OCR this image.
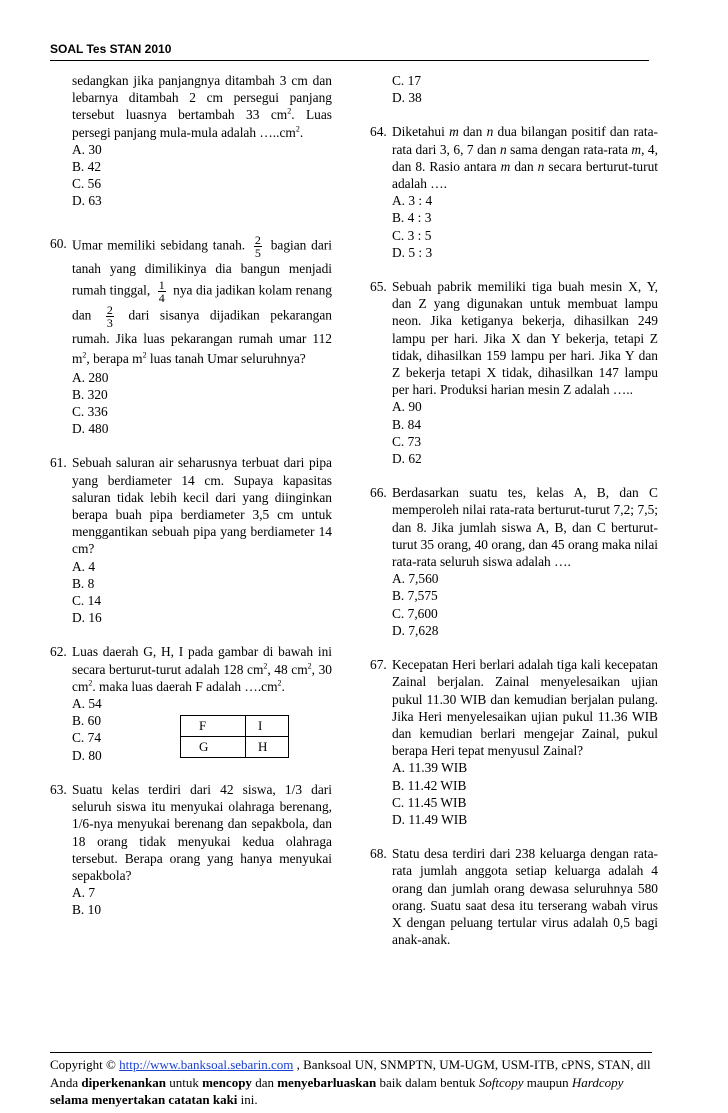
SOAL Tes STAN 2010
sedangkan jika panjangnya ditambah 3 cm dan lebarnya ditambah 2 cm persegui panjang tersebut luasnya bertambah 33 $cm^2$. Luas persegi panjang mula-mula adalah $\dots..cm^2$.
A. 30
B. 42
C. 56
D. 63
60. Umar memiliki sebidang tanah. $\frac{2}{5}$ bagian dari tanah yang dimilikinya dia bangun menjadi rumah tinggal, $\frac{1}{4}$ nya dia jadikan kolam renang dan $\frac{2}{3}$ dari sisanya dijadikan pekarangan rumah. Jika luas pekarangan rumah umar 112 $m^2$, berapa $m^2$ luas tanah Umar seluruhnya?
A. 280
B. 320
C. 336
D. 480
61. Sebuah saluran air seharusnya terbuat dari pipa yang berdiameter 14 cm. Supaya kapasitas saluran tidak lebih kecil dari yang diinginkan berapa buah pipa berdiameter 3,5 cm untuk menggantikan sebuah pipa yang berdiameter 14 cm?
A. 4
B. 8
C. 14
D. 16
62. Luas daerah G, H, I pada gambar di bawah ini secara berturut-turut adalah 128 $cm^2$, 48 $cm^2$, 30 $cm^2$. maka luas daerah F adalah $\dots.cm^2$.
A. 54
B. 60
C. 74
D. 80
F	I
G	H
63. Suatu kelas terdiri dari 42 siswa, 1/3 dari seluruh siswa itu menyukai olahraga berenang, 1/6-nya menyukai berenang dan sepakbola, dan 18 orang tidak menyukai kedua olahraga tersebut. Berapa orang yang hanya menyukai sepakbola?
A. 7
B. 10
C. 17
D. 38
64. Diketahui m dan n dua bilangan positif dan rata-rata dari 3, 6, 7 dan n sama dengan rata-rata m, 4, dan 8. Rasio antara m dan n secara berturut-turut adalah ….
A. 3 : 4
B. 4 : 3
C. 3 : 5
D. 5 : 3
65. Sebuah pabrik memiliki tiga buah mesin X, Y, dan Z yang digunakan untuk membuat lampu neon. Jika ketiganya bekerja, dihasilkan 249 lampu per hari. Jika X dan Y bekerja, tetapi Z tidak, dihasilkan 159 lampu per hari. Jika Y dan Z bekerja tetapi X tidak, dihasilkan 147 lampu per hari. Produksi harian mesin Z adalah …..
A. 90
B. 84
C. 73
D. 62
66. Berdasarkan suatu tes, kelas A, B, dan C memperoleh nilai rata-rata berturut-turut 7,2; 7,5; dan 8. Jika jumlah siswa A, B, dan C berturut-turut 35 orang, 40 orang, dan 45 orang maka nilai rata-rata seluruh siswa adalah ….
A. 7,560
B. 7,575
C. 7,600
D. 7,628
67. Kecepatan Heri berlari adalah tiga kali kecepatan Zainal berjalan. Zainal menyelesaikan ujian pukul 11.30 WIB dan kemudian berjalan pulang. Jika Heri menyelesaikan ujian pukul 11.36 WIB dan kemudian berlari mengejar Zainal, pukul berapa Heri tepat menyusul Zainal?
A. 11.39 WIB
B. 11.42 WIB
C. 11.45 WIB
D. 11.49 WIB
68. Statu desa terdiri dari 238 keluarga dengan rata-rata jumlah anggota setiap keluarga adalah 4 orang dan jumlah orang dewasa seluruhnya 580 orang. Suatu saat desa itu terserang wabah virus X dengan peluang tertular virus adalah 0,5 bagi anak-anak.
Copyright © http://www.banksoal.sebarin.com , Banksoal UN, SNMPTN, UM-UGM, USM-ITB, cPNS, STAN, dll Anda diperkenankan untuk mencopy dan menyebarluaskan baik dalam bentuk Softcopy maupun Hardcopy selama menyertakan catatan kaki ini.
